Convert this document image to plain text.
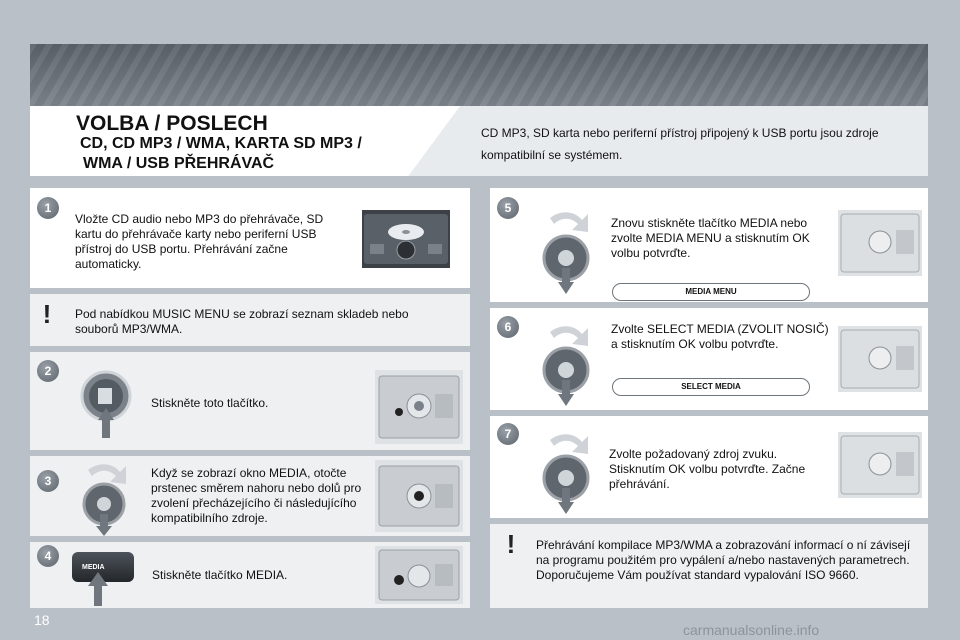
VOLBA / POSLECH
CD, CD MP3 / WMA, KARTA SD MP3 /
WMA / USB PŘEHRÁVAČ
CD MP3, SD karta nebo periferní přístroj připojený k USB portu jsou zdroje kompatibilní se systémem.
1
Vložte CD audio nebo MP3 do přehrávače, SD kartu do přehrávače karty nebo periferní USB přístroj do USB portu. Přehrávání začne automaticky.
!	Pod nabídkou MUSIC MENU se zobrazí seznam skladeb nebo souborů MP3/WMA.
2
Stiskněte toto tlačítko.
3
Když se zobrazí okno MEDIA, otočte prstenec směrem nahoru nebo dolů pro zvolení přecházejícího či následujícího kompatibilního zdroje.
4
MEDIA
Stiskněte tlačítko MEDIA.
5
Znovu stiskněte tlačítko MEDIA nebo zvolte MEDIA MENU a stisknutím OK volbu potvrďte.
MEDIA MENU
6	Zvolte SELECT MEDIA (ZVOLIT NOSIČ) a stisknutím OK volbu potvrďte.
SELECT MEDIA
7
Zvolte požadovaný zdroj zvuku. Stisknutím OK volbu potvrďte. Začne přehrávání.
!	Přehrávání kompilace MP3/WMA a zobrazování informací o ní závisejí na programu použitém pro vypálení a/nebo nastavených parametrech. Doporučujeme Vám používat standard vypalování ISO 9660.
18
carmanualsonline.info
